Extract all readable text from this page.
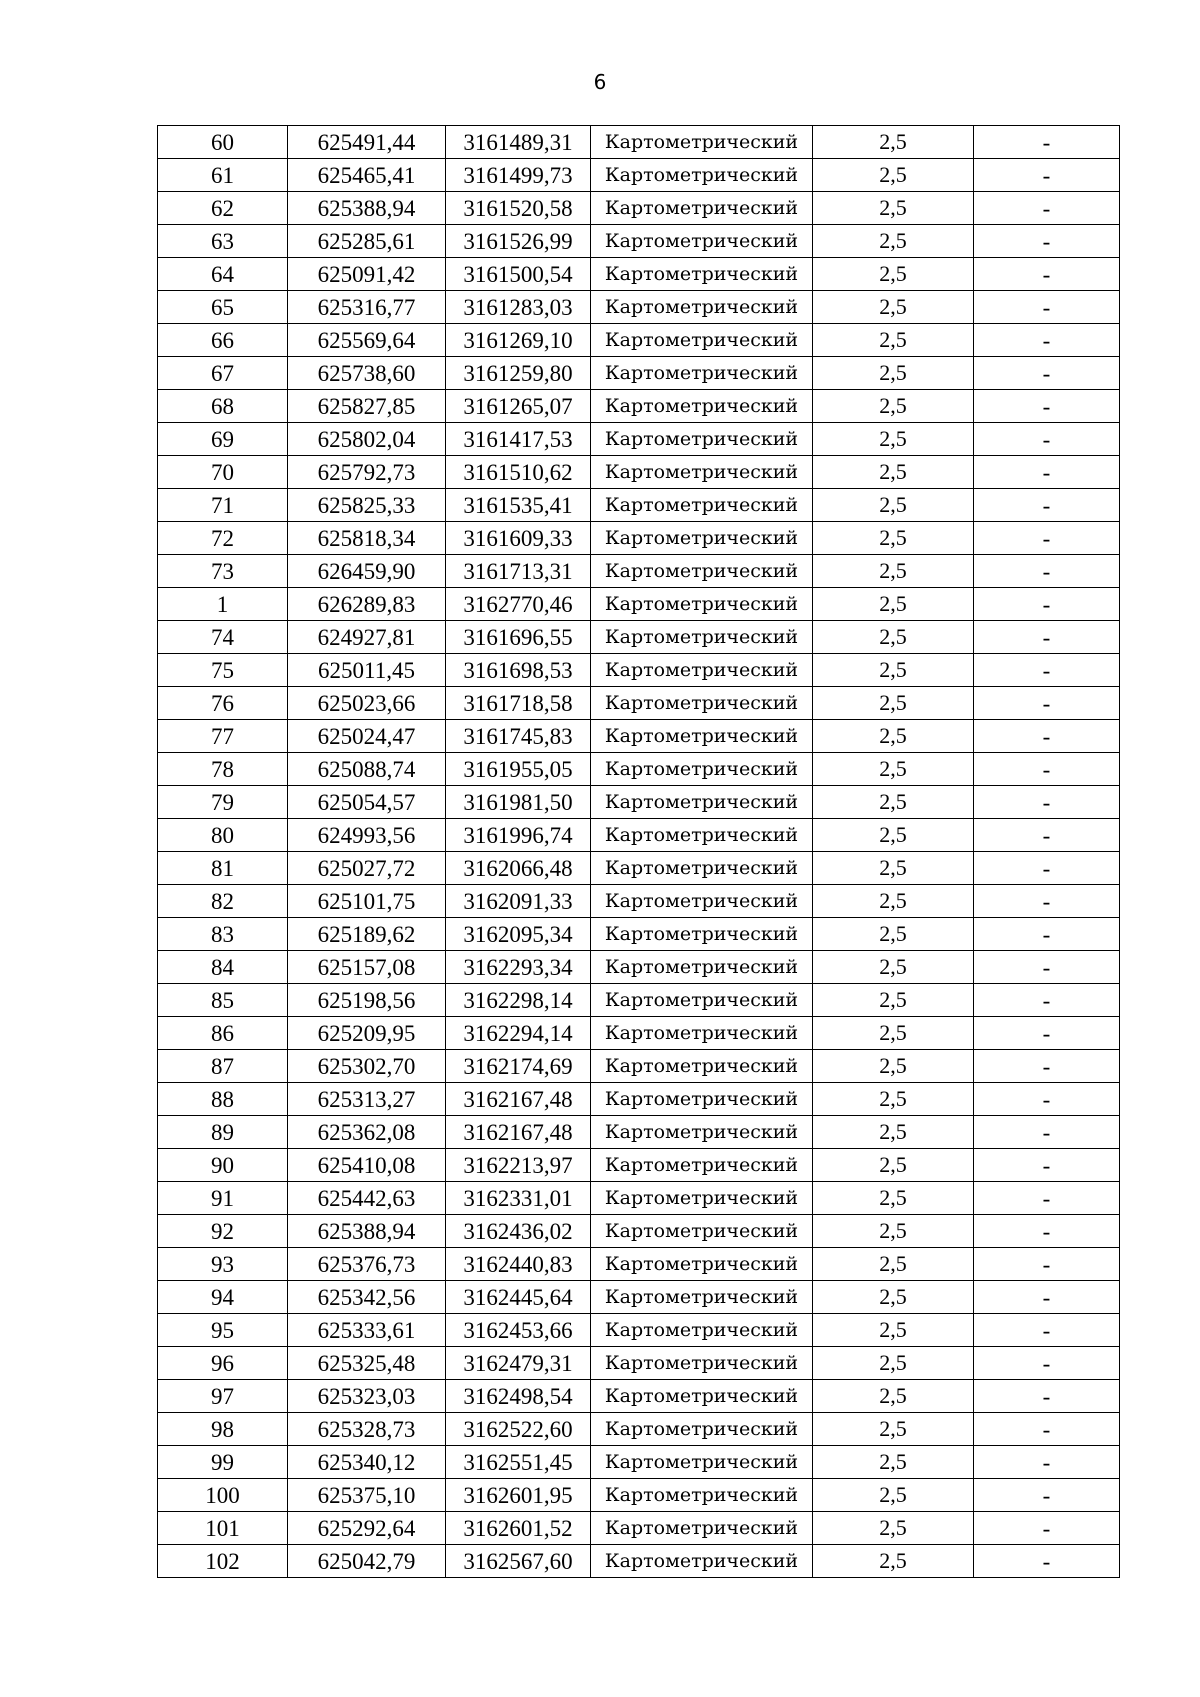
6
60	625491,44	3161489,31	Картометрический	2,5	-
61	625465,41	3161499,73	Картометрический	2,5	-
62	625388,94	3161520,58	Картометрический	2,5	-
63	625285,61	3161526,99	Картометрический	2,5	-
64	625091,42	3161500,54	Картометрический	2,5	-
65	625316,77	3161283,03	Картометрический	2,5	-
66	625569,64	3161269,10	Картометрический	2,5	-
67	625738,60	3161259,80	Картометрический	2,5	-
68	625827,85	3161265,07	Картометрический	2,5	-
69	625802,04	3161417,53	Картометрический	2,5	-
70	625792,73	3161510,62	Картометрический	2,5	-
71	625825,33	3161535,41	Картометрический	2,5	-
72	625818,34	3161609,33	Картометрический	2,5	-
73	626459,90	3161713,31	Картометрический	2,5	-
1	626289,83	3162770,46	Картометрический	2,5	-
74	624927,81	3161696,55	Картометрический	2,5	-
75	625011,45	3161698,53	Картометрический	2,5	-
76	625023,66	3161718,58	Картометрический	2,5	-
77	625024,47	3161745,83	Картометрический	2,5	-
78	625088,74	3161955,05	Картометрический	2,5	-
79	625054,57	3161981,50	Картометрический	2,5	-
80	624993,56	3161996,74	Картометрический	2,5	-
81	625027,72	3162066,48	Картометрический	2,5	-
82	625101,75	3162091,33	Картометрический	2,5	-
83	625189,62	3162095,34	Картометрический	2,5	-
84	625157,08	3162293,34	Картометрический	2,5	-
85	625198,56	3162298,14	Картометрический	2,5	-
86	625209,95	3162294,14	Картометрический	2,5	-
87	625302,70	3162174,69	Картометрический	2,5	-
88	625313,27	3162167,48	Картометрический	2,5	-
89	625362,08	3162167,48	Картометрический	2,5	-
90	625410,08	3162213,97	Картометрический	2,5	-
91	625442,63	3162331,01	Картометрический	2,5	-
92	625388,94	3162436,02	Картометрический	2,5	-
93	625376,73	3162440,83	Картометрический	2,5	-
94	625342,56	3162445,64	Картометрический	2,5	-
95	625333,61	3162453,66	Картометрический	2,5	-
96	625325,48	3162479,31	Картометрический	2,5	-
97	625323,03	3162498,54	Картометрический	2,5	-
98	625328,73	3162522,60	Картометрический	2,5	-
99	625340,12	3162551,45	Картометрический	2,5	-
100	625375,10	3162601,95	Картометрический	2,5	-
101	625292,64	3162601,52	Картометрический	2,5	-
102	625042,79	3162567,60	Картометрический	2,5	-
